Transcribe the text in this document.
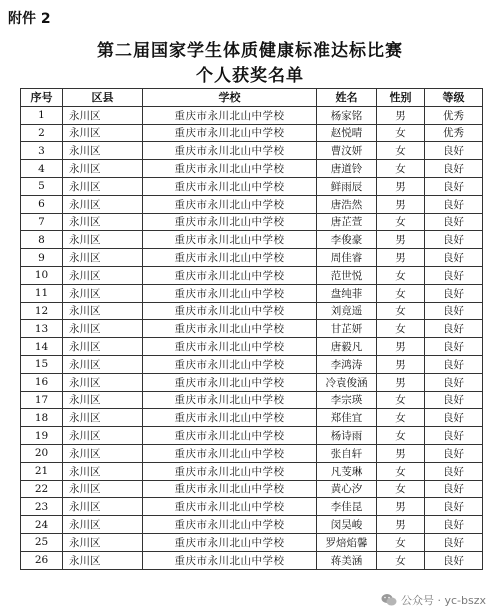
附件 2
第二届国家学生体质健康标准达标比赛
个人获奖名单
序号	区县	学校	姓名	性别	等级
1	永川区	重庆市永川北山中学校	杨家铭	男	优秀
2	永川区	重庆市永川北山中学校	赵悦晴	女	优秀
3	永川区	重庆市永川北山中学校	曹汶妍	女	良好
4	永川区	重庆市永川北山中学校	唐道铃	女	良好
5	永川区	重庆市永川北山中学校	鲜雨辰	男	良好
6	永川区	重庆市永川北山中学校	唐浩然	男	良好
7	永川区	重庆市永川北山中学校	唐芷萱	女	良好
8	永川区	重庆市永川北山中学校	李俊豪	男	良好
9	永川区	重庆市永川北山中学校	周佳睿	男	良好
10	永川区	重庆市永川北山中学校	范世悦	女	良好
11	永川区	重庆市永川北山中学校	盘纯菲	女	良好
12	永川区	重庆市永川北山中学校	刘竟遥	女	良好
13	永川区	重庆市永川北山中学校	甘芷妍	女	良好
14	永川区	重庆市永川北山中学校	唐毅凡	男	良好
15	永川区	重庆市永川北山中学校	李鸿涛	男	良好
16	永川区	重庆市永川北山中学校	冷袁俊涵	男	良好
17	永川区	重庆市永川北山中学校	李宗瑛	女	良好
18	永川区	重庆市永川北山中学校	郑佳宜	女	良好
19	永川区	重庆市永川北山中学校	杨诗雨	女	良好
20	永川区	重庆市永川北山中学校	张自轩	男	良好
21	永川区	重庆市永川北山中学校	凡芰琳	女	良好
22	永川区	重庆市永川北山中学校	黄心汐	女	良好
23	永川区	重庆市永川北山中学校	李佳昆	男	良好
24	永川区	重庆市永川北山中学校	闵昊峻	男	良好
25	永川区	重庆市永川北山中学校	罗焙焰馨	女	良好
26	永川区	重庆市永川北山中学校	蒋美涵	女	良好
公众号 · yc-bszx
